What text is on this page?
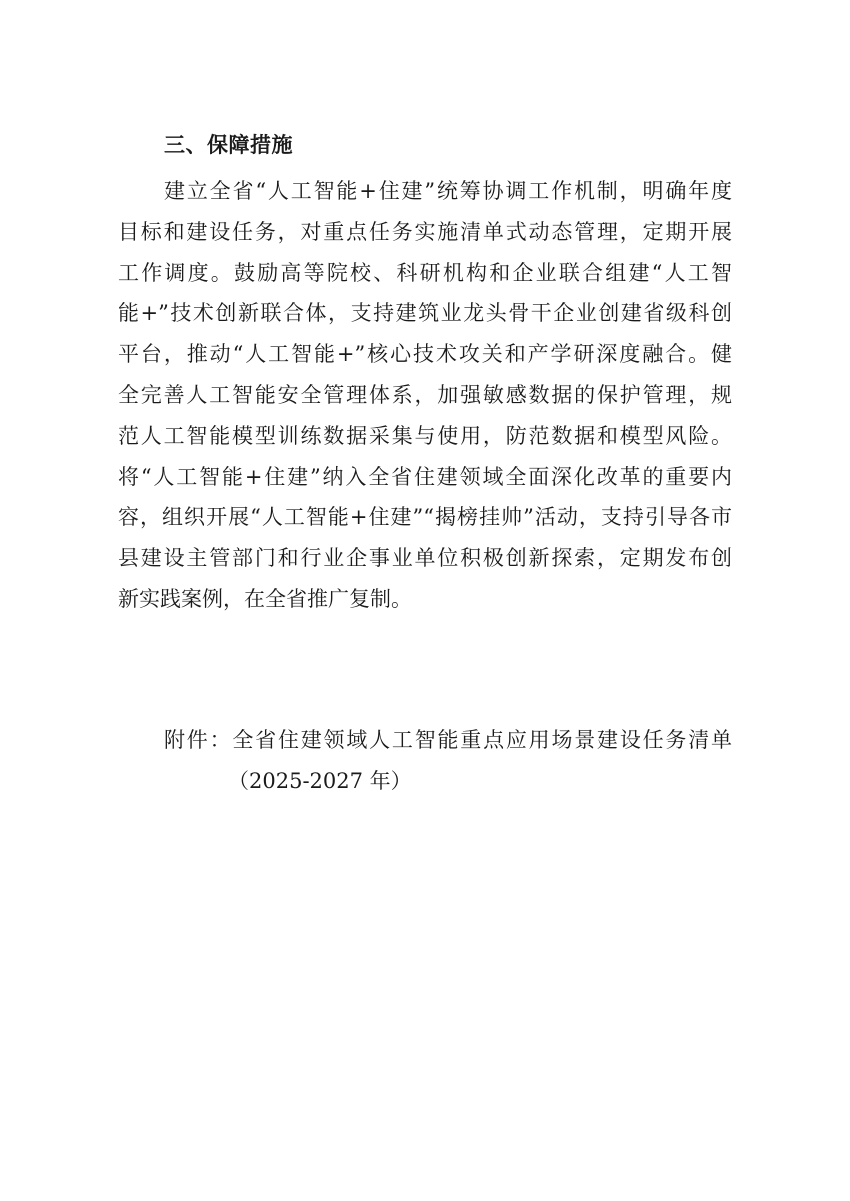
三、保障措施
建立全省“人工智能+住建”统筹协调工作机制，明确年度
目标和建设任务，对重点任务实施清单式动态管理，定期开展
工作调度。鼓励高等院校、科研机构和企业联合组建“人工智
能+”技术创新联合体，支持建筑业龙头骨干企业创建省级科创
平台，推动“人工智能+”核心技术攻关和产学研深度融合。健
全完善人工智能安全管理体系，加强敏感数据的保护管理，规
范人工智能模型训练数据采集与使用，防范数据和模型风险。
将“人工智能+住建”纳入全省住建领域全面深化改革的重要内
容，组织开展“人工智能+住建”“揭榜挂帅”活动，支持引导各市
县建设主管部门和行业企事业单位积极创新探索，定期发布创
新实践案例，在全省推广复制。
附件：全省住建领域人工智能重点应用场景建设任务清单
（2025-2027 年）
